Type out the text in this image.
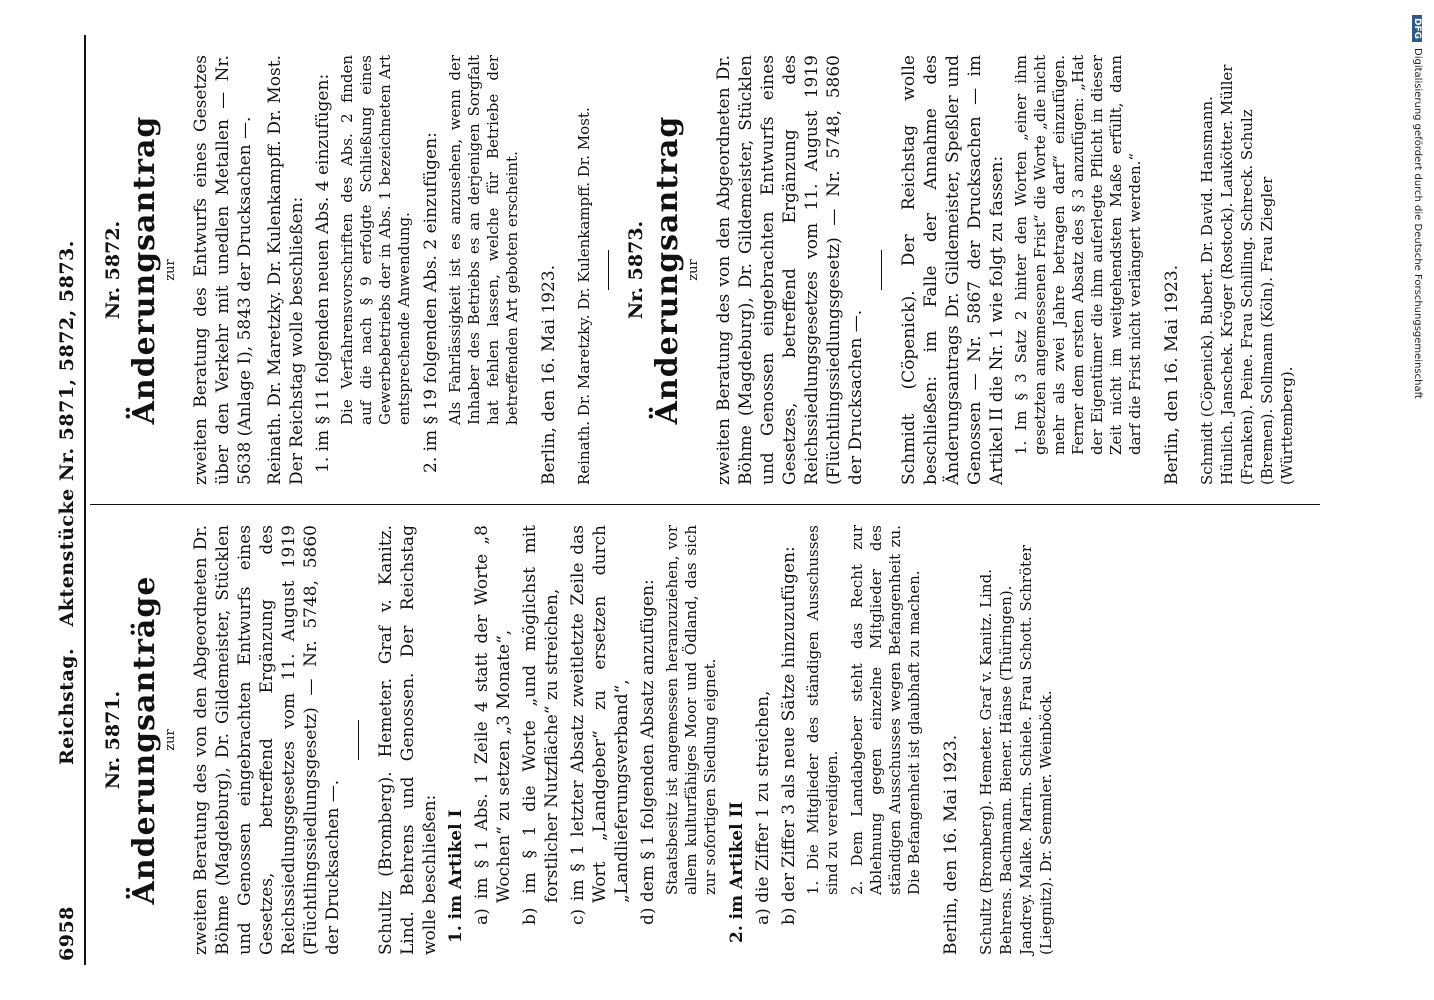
6958
Reichstag.   Aktenstücke Nr. 5871, 5872, 5873. Nr. 5871. Änderungsanträge zur zweiten Beratung des von den Abgeordneten Dr. Böhme (Magdeburg), Dr. Gildemeister, Stücklen und Genossen eingebrachten Entwurfs eines Gesetzes, betreffend Ergänzung des Reichssiedlungsgesetzes vom 11. August 1919 (Flüchtlingssiedlungsgesetz) — Nr. 5748, 5860 der Drucksachen —. Schultz (Bromberg). Hemeter. Graf v. Kanitz. Lind. Behrens und Genossen. Der Reichstag wolle beschließen: 1. im Artikel I a) im § 1 Abs. 1 Zeile 4 statt der Worte „8 Wochen“ zu setzen „3 Monate“, b) im § 1 die Worte „und möglichst mit forstlicher Nutzfläche“ zu streichen, c) im § 1 letzter Absatz zweitletzte Zeile das Wort „Landgeber“ zu ersetzen durch „Landlieferungsverband“, d) dem § 1 folgenden Absatz anzufügen: Staatsbesitz ist angemessen heranzuziehen, vor allem kulturfähiges Moor und Ödland, das sich zur sofortigen Siedlung eignet. 2. im Artikel II a) die Ziffer 1 zu streichen, b) der Ziffer 3 als neue Sätze hinzuzufügen: 1. Die Mitglieder des ständigen Ausschusses sind zu vereidigen. 2. Dem Landabgeber steht das Recht zur Ablehnung gegen einzelne Mitglieder des ständigen Ausschusses wegen Befangenheit zu. Die Befangenheit ist glaubhaft zu machen. Berlin, den 16. Mai 1923. Schultz (Bromberg). Hemeter. Graf v. Kanitz. Lind. Behrens. Bachmann. Biener. Hänse (Thüringen). Jandrey. Malke. Marin. Schiele. Frau Schott. Schröter (Liegnitz). Dr. Semmler. Weinböck.
Nr. 5872. Änderungsantrag zur zweiten Beratung des Entwurfs eines Gesetzes über den Verkehr mit unedlen Metallen — Nr. 5638 (Anlage I), 5843 der Drucksachen —. Reinath. Dr. Maretzky. Dr. Kulenkampff. Dr. Most. Der Reichstag wolle beschließen: 1. im § 11 folgenden neuen Abs. 4 einzufügen: Die Verfahrensvorschriften des Abs. 2 finden auf die nach § 9 erfolgte Schließung eines Gewerbebetriebs der in Abs. 1 bezeichneten Art entsprechende Anwendung. 2. im § 19 folgenden Abs. 2 einzufügen: Als Fahrlässigkeit ist es anzusehen, wenn der Inhaber des Betriebs es an derjenigen Sorgfalt hat fehlen lassen, welche für Betriebe der betreffenden Art geboten erscheint. Berlin, den 16. Mai 1923. Reinath. Dr. Maretzky. Dr. Kulenkampff. Dr. Most. Nr. 5873. Änderungsantrag zur zweiten Beratung des von den Abgeordneten Dr. Böhme (Magdeburg), Dr. Gildemeister, Stücklen und Genossen eingebrachten Entwurfs eines Gesetzes, betreffend Ergänzung des Reichssiedlungsgesetzes vom 11. August 1919 (Flüchtlingssiedlungsgesetz) — Nr. 5748, 5860 der Drucksachen —. Schmidt (Cöpenick). Der Reichstag wolle beschließen: im Falle der Annahme des Änderungsantrags Dr. Gildemeister, Speßler und Genossen — Nr. 5867 der Drucksachen — im Artikel II die Nr. 1 wie folgt zu fassen: 1. Im § 3 Satz 2 hinter den Worten „einer ihm gesetzten angemessenen Frist“ die Worte „die nicht mehr als zwei Jahre betragen darf“ einzufügen. Ferner dem ersten Absatz des § 3 anzufügen: „Hat der Eigentümer die ihm auferlegte Pflicht in dieser Zeit nicht im weitgehendsten Maße erfüllt, dann darf die Frist nicht verlängert werden.“ Berlin, den 16. Mai 1923. Schmidt (Cöpenick). Bubert. Dr. David. Hansmann. Hünlich. Janschek. Kröger (Rostock). Laukötter. Müller (Franken). Peine. Frau Schilling. Schreck. Schulz (Bremen). Sollmann (Köln). Frau Ziegler (Württemberg).
DFGDigitalisierung gefördert durch die Deutsche Forschungsgemeinschaft
